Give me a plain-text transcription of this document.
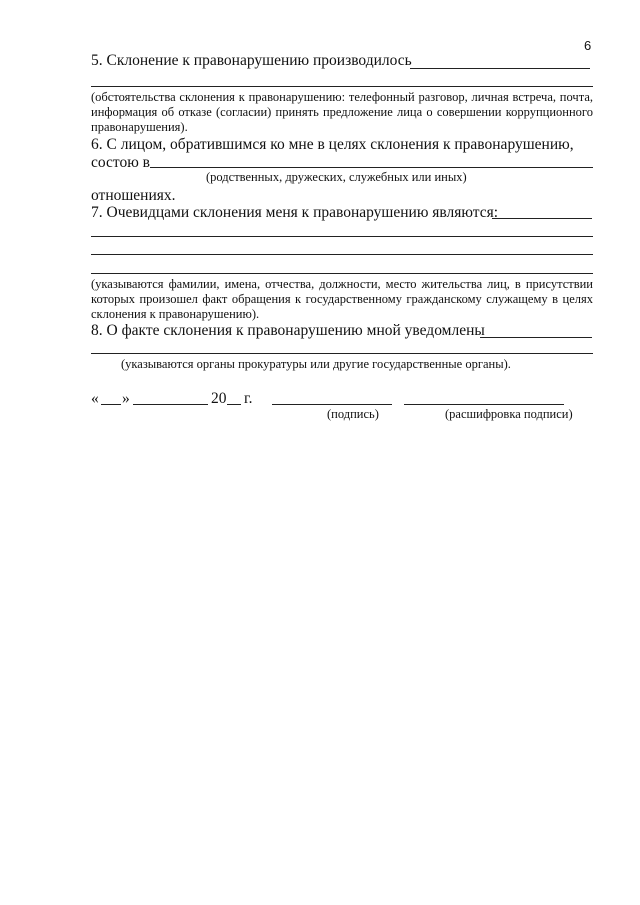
6
5. Склонение к правонарушению производилось
(обстоятельства склонения к правонарушению: телефонный разговор, личная встреча, почта, информация об отказе (согласии) принять предложение лица о совершении коррупционного правонарушения).
6. С лицом, обратившимся ко мне в целях склонения к правонарушению,
состою в
(родственных, дружеских, служебных или иных)
отношениях.
7. Очевидцами склонения меня к правонарушению являются:
(указываются фамилии, имена, отчества, должности, место жительства лиц, в присутствии которых произошел факт обращения к государственному гражданскому служащему в целях склонения к правонарушению).
8. О факте склонения к правонарушению мной уведомлены
(указываются органы прокуратуры или другие государственные органы).
« »	20 г.
(подпись)	(расшифровка подписи)
